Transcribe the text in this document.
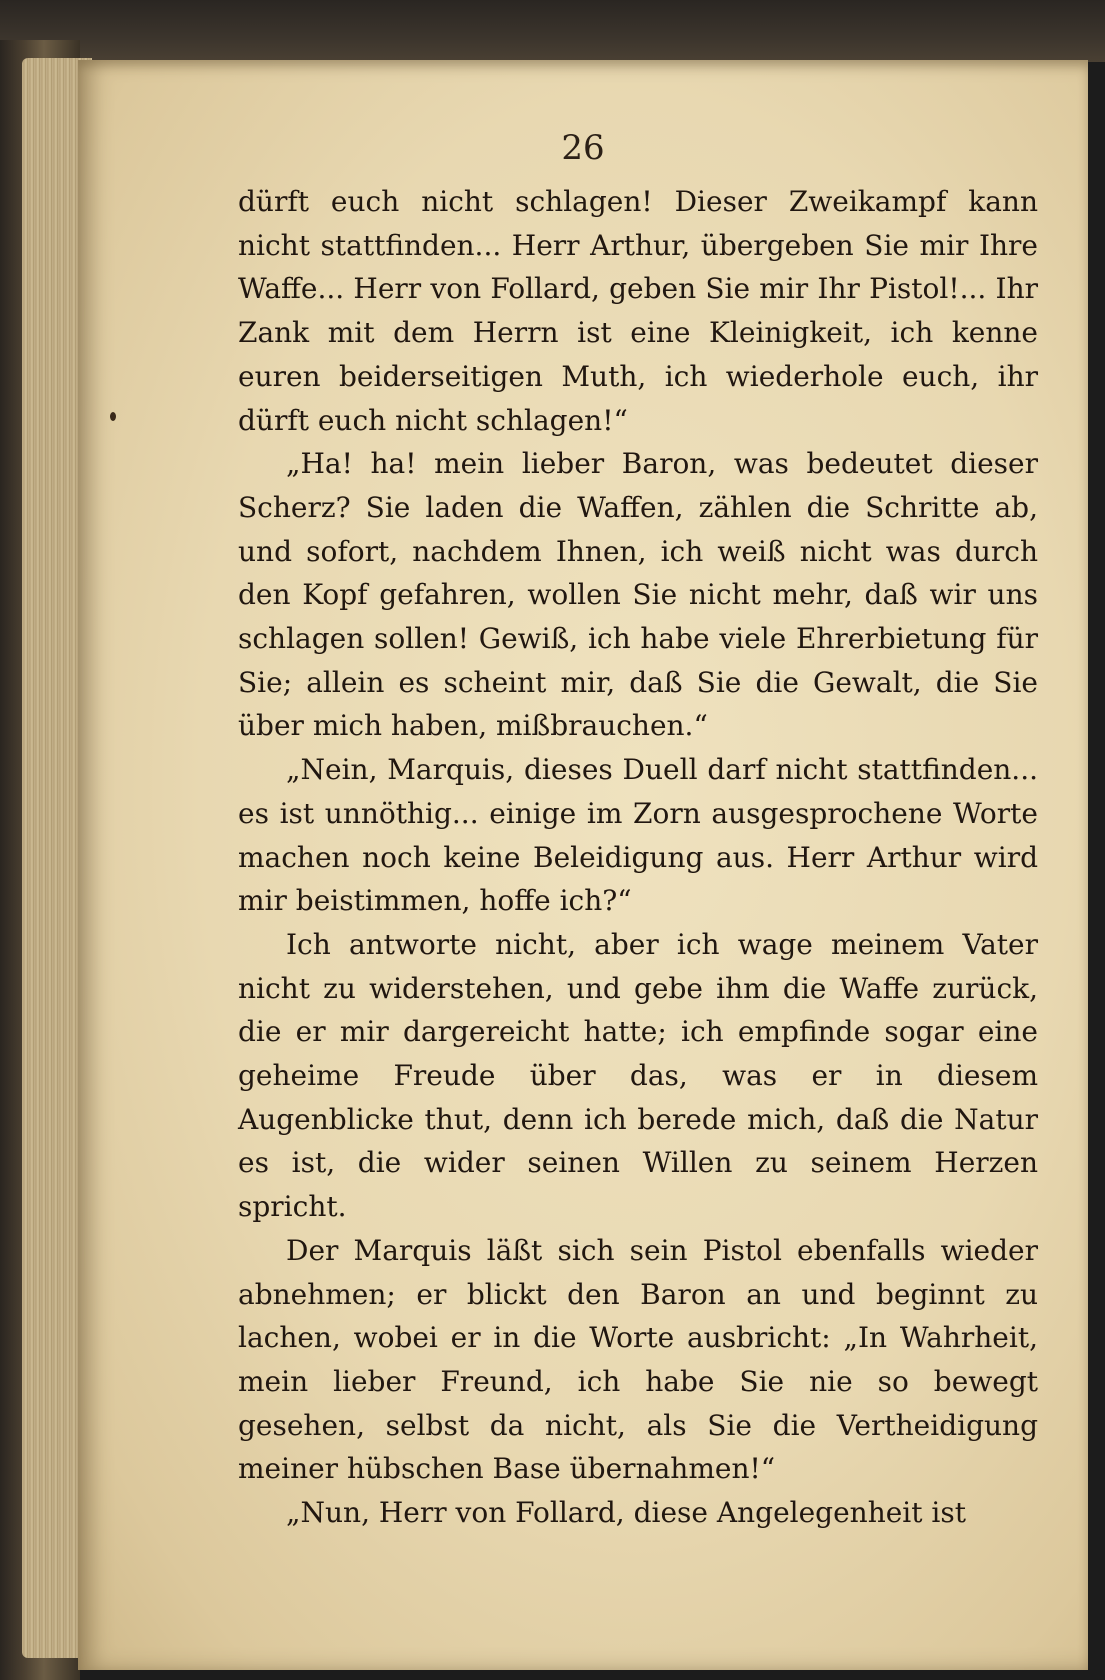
26

dürft euch nicht schlagen! Dieser Zweikampf kann nicht stattfinden... Herr Arthur, übergeben Sie mir Ihre Waffe... Herr von Follard, geben Sie mir Ihr Pistol!... Ihr Zank mit dem Herrn ist eine Kleinigkeit, ich kenne euren beiderseitigen Muth, ich wiederhole euch, ihr dürft euch nicht schlagen!“

„Ha! ha! mein lieber Baron, was bedeutet dieser Scherz? Sie laden die Waffen, zählen die Schritte ab, und sofort, nachdem Ihnen, ich weiß nicht was durch den Kopf gefahren, wollen Sie nicht mehr, daß wir uns schlagen sollen! Gewiß, ich habe viele Ehrerbietung für Sie; allein es scheint mir, daß Sie die Gewalt, die Sie über mich haben, mißbrauchen.“

„Nein, Marquis, dieses Duell darf nicht stattfinden... es ist unnöthig... einige im Zorn ausgesprochene Worte machen noch keine Beleidigung aus. Herr Arthur wird mir beistimmen, hoffe ich?“

Ich antworte nicht, aber ich wage meinem Vater nicht zu widerstehen, und gebe ihm die Waffe zurück, die er mir dargereicht hatte; ich empfinde sogar eine geheime Freude über das, was er in diesem Augenblicke thut, denn ich berede mich, daß die Natur es ist, die wider seinen Willen zu seinem Herzen spricht.

Der Marquis läßt sich sein Pistol ebenfalls wieder abnehmen; er blickt den Baron an und beginnt zu lachen, wobei er in die Worte ausbricht: „In Wahrheit, mein lieber Freund, ich habe Sie nie so bewegt gesehen, selbst da nicht, als Sie die Vertheidigung meiner hübschen Base übernahmen!“

„Nun, Herr von Follard, diese Angelegenheit ist
